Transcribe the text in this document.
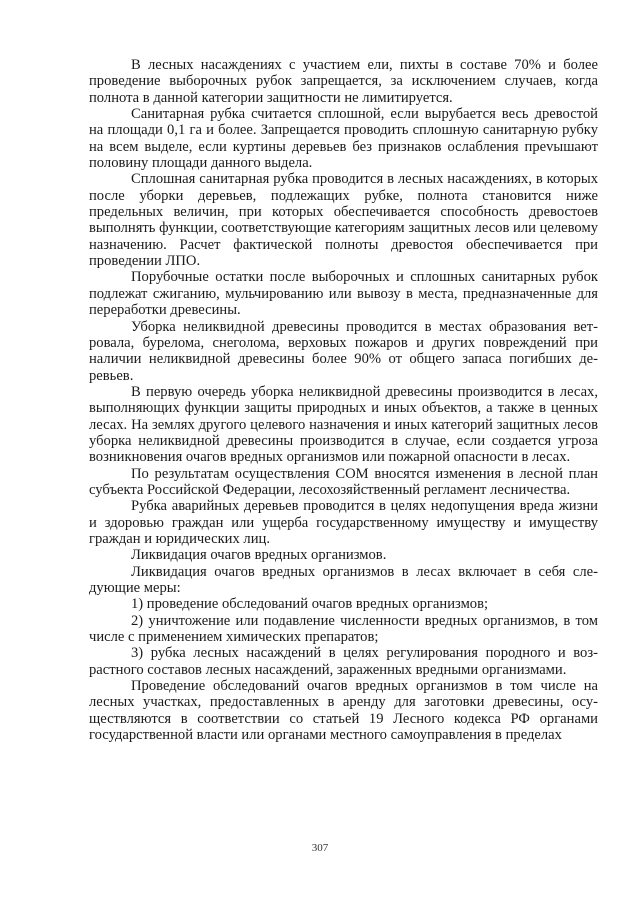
В лесных насаждениях с участием ели, пихты в составе 70% и более проведение выборочных рубок запрещается, за исключением случаев, когда полнота в данной категории защитности не лимитируется.

Санитарная рубка считается сплошной, если вырубается весь древостой на площади 0,1 га и более. Запрещается проводить сплошную санитарную рубку на всем выделе, если куртины деревьев без признаков ослабления преvышают половину площади данного выдела.

Сплошная санитарная рубка проводится в лесных насаждениях, в которых после уборки деревьев, подлежащих рубке, полнота становится ниже предельных величин, при которых обеспечивается способность древостоев выполнять функции, соответствующие категориям защитных лесов или целевому назначению. Расчет фактической полноты древостоя обеспечивается при проведении ЛПО.

Порубочные остатки после выборочных и сплошных санитарных рубок подлежат сжиганию, мульчированию или вывозу в места, предназначенные для переработки древесины.

Уборка неликвидной древесины проводится в местах образования ветровала, бурелома, снеголома, верховых пожаров и других повреждений при наличии неликвидной древесины более 90% от общего запаса погибших деревьев.

В первую очередь уборка неликвидной древесины производится в лесах, выполняющих функции защиты природных и иных объектов, а также в ценных лесах. На землях другого целевого назначения и иных категорий защитных лесов уборка неликвидной древесины производится в случае, если создается угроза возникновения очагов вредных организмов или пожарной опасности в лесах.

По результатам осуществления СОМ вносятся изменения в лесной план субъекта Российской Федерации, лесохозяйственный регламент лесничества.

Рубка аварийных деревьев проводится в целях недопущения вреда жизни и здоровью граждан или ущерба государственному имуществу и имуществу граждан и юридических лиц.

Ликвидация очагов вредных организмов.

Ликвидация очагов вредных организмов в лесах включает в себя следующие меры:

1) проведение обследований очагов вредных организмов;

2) уничтожение или подавление численности вредных организмов, в том числе с применением химических препаратов;

3) рубка лесных насаждений в целях регулирования породного и возрастного составов лесных насаждений, зараженных вредными организмами.

Проведение обследований очагов вредных организмов в том числе на лесных участках, предоставленных в аренду для заготовки древесины, осуществляются в соответствии со статьей 19 Лесного кодекса РФ органами государственной власти или органами местного самоуправления в пределах

307
